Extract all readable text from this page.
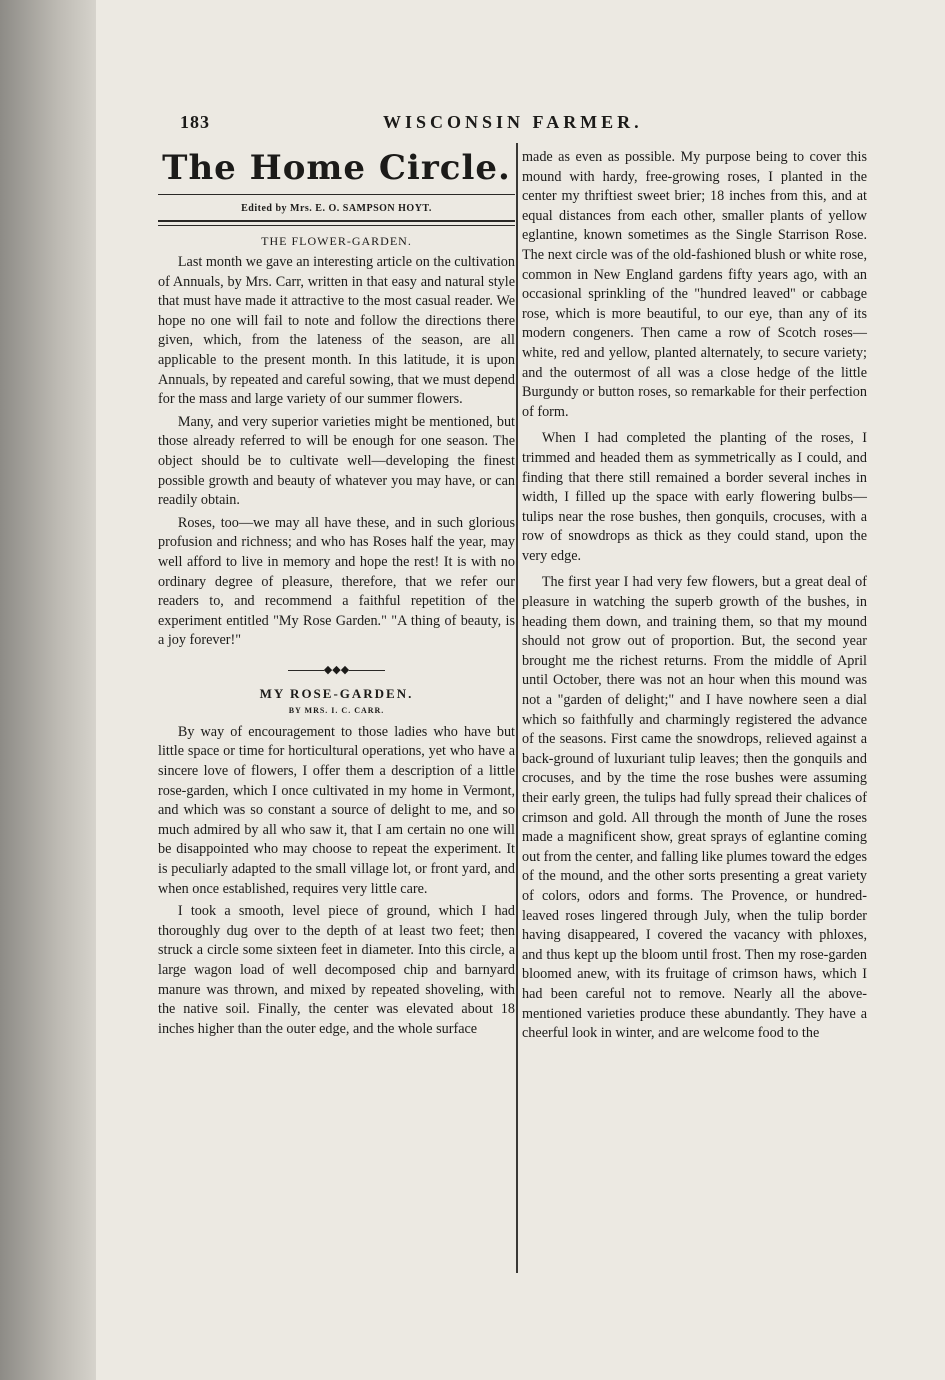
183	WISCONSIN FARMER.
The Home Circle.
Edited by Mrs. E. O. SAMPSON HOYT.
THE FLOWER-GARDEN.

Last month we gave an interesting article on the cultivation of Annuals, by Mrs. Carr, written in that easy and natural style that must have made it attractive to the most casual reader. We hope no one will fail to note and follow the directions there given, which, from the lateness of the season, are all applicable to the present month. In this latitude, it is upon Annuals, by repeated and careful sowing, that we must depend for the mass and large variety of our summer flowers.

Many, and very superior varieties might be mentioned, but those already referred to will be enough for one season. The object should be to cultivate well—developing the finest possible growth and beauty of whatever you may have, or can readily obtain.

Roses, too—we may all have these, and in such glorious profusion and richness; and who has Roses half the year, may well afford to live in memory and hope the rest! It is with no ordinary degree of pleasure, therefore, that we refer our readers to, and recommend a faithful repetition of the experiment entitled "My Rose Garden." "A thing of beauty, is a joy forever!"

◆◆◆
MY ROSE-GARDEN.
BY MRS. I. C. CARR.

By way of encouragement to those ladies who have but little space or time for horticultural operations, yet who have a sincere love of flowers, I offer them a description of a little rose-garden, which I once cultivated in my home in Vermont, and which was so constant a source of delight to me, and so much admired by all who saw it, that I am certain no one will be disappointed who may choose to repeat the experiment. It is peculiarly adapted to the small village lot, or front yard, and when once established, requires very little care.

I took a smooth, level piece of ground, which I had thoroughly dug over to the depth of at least two feet; then struck a circle some sixteen feet in diameter. Into this circle, a large wagon load of well decomposed chip and barnyard manure was thrown, and mixed by repeated shoveling, with the native soil. Finally, the center was elevated about 18 inches higher than the outer edge, and the whole surface

made as even as possible. My purpose being to cover this mound with hardy, free-growing roses, I planted in the center my thriftiest sweet brier; 18 inches from this, and at equal distances from each other, smaller plants of yellow eglantine, known sometimes as the Single Starrison Rose. The next circle was of the old-fashioned blush or white rose, common in New England gardens fifty years ago, with an occasional sprinkling of the "hundred leaved" or cabbage rose, which is more beautiful, to our eye, than any of its modern congeners. Then came a row of Scotch roses—white, red and yellow, planted alternately, to secure variety; and the outermost of all was a close hedge of the little Burgundy or button roses, so remarkable for their perfection of form.

When I had completed the planting of the roses, I trimmed and headed them as symmetrically as I could, and finding that there still remained a border several inches in width, I filled up the space with early flowering bulbs—tulips near the rose bushes, then gonquils, crocuses, with a row of snowdrops as thick as they could stand, upon the very edge.

The first year I had very few flowers, but a great deal of pleasure in watching the superb growth of the bushes, in heading them down, and training them, so that my mound should not grow out of proportion. But, the second year brought me the richest returns. From the middle of April until October, there was not an hour when this mound was not a "garden of delight;" and I have nowhere seen a dial which so faithfully and charmingly registered the advance of the seasons. First came the snowdrops, relieved against a back-ground of luxuriant tulip leaves; then the gonquils and crocuses, and by the time the rose bushes were assuming their early green, the tulips had fully spread their chalices of crimson and gold. All through the month of June the roses made a magnificent show, great sprays of eglantine coming out from the center, and falling like plumes toward the edges of the mound, and the other sorts presenting a great variety of colors, odors and forms. The Provence, or hundred-leaved roses lingered through July, when the tulip border having disappeared, I covered the vacancy with phloxes, and thus kept up the bloom until frost. Then my rose-garden bloomed anew, with its fruitage of crimson haws, which I had been careful not to remove. Nearly all the above-mentioned varieties produce these abundantly. They have a cheerful look in winter, and are welcome food to the
